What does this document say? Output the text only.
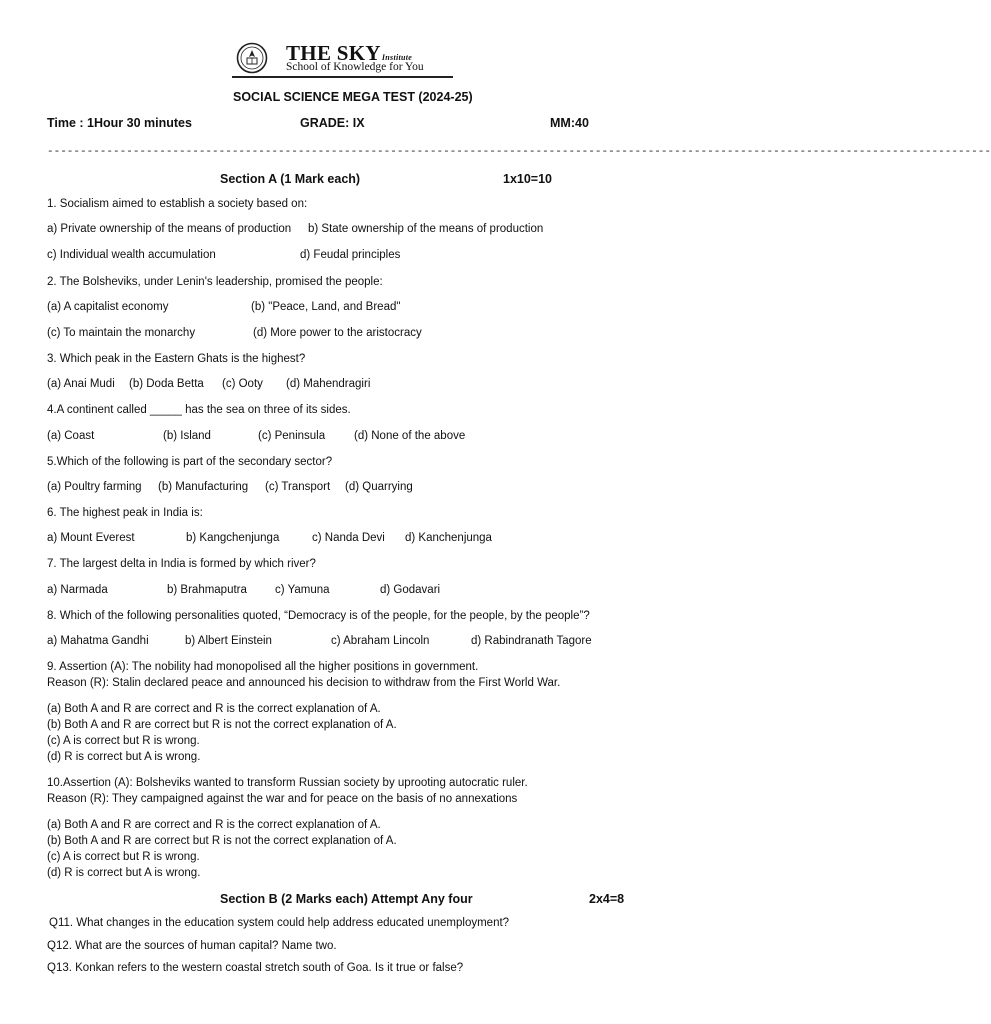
THE SKYInstitute
School of Knowledge for You
SOCIAL SCIENCE MEGA TEST (2024-25)
Time : 1Hour 30 minutes	GRADE: IX	MM:40
-----------------------------------------------------------------------------------------------------------------------------------------------
Section A (1 Mark each)	1x10=10
1. Socialism aimed to establish a society based on:
a) Private ownership of the means of production b) State ownership of the means of production
c) Individual wealth accumulation	d) Feudal principles
2. The Bolsheviks, under Lenin's leadership, promised the people:
(a) A capitalist economy	(b) "Peace, Land, and Bread"
(c) To maintain the monarchy	(d) More power to the aristocracy
3. Which peak in the Eastern Ghats is the highest?
(a) Anai Mudi (b) Doda Betta (c) Ooty (d) Mahendragiri
4.A continent called _____ has the sea on three of its sides.
(a) Coast	(b) Island	(c) Peninsula	(d) None of the above
5.Which of the following is part of the secondary sector?
(a) Poultry farming (b) Manufacturing (c) Transport (d) Quarrying
6. The highest peak in India is:
a) Mount Everest	b) Kangchenjunga	c) Nanda Devi d) Kanchenjunga
7. The largest delta in India is formed by which river?
a) Narmada	b) Brahmaputra c) Yamuna	d) Godavari
8. Which of the following personalities quoted, “Democracy is of the people, for the people, by the people”?
a) Mahatma Gandhi	b) Albert Einstein	c) Abraham Lincoln	d) Rabindranath Tagore
9. Assertion (A): The nobility had monopolised all the higher positions in government.
Reason (R): Stalin declared peace and announced his decision to withdraw from the First World War.
(a) Both A and R are correct and R is the correct explanation of A.
(b) Both A and R are correct but R is not the correct explanation of A.
(c) A is correct but R is wrong.
(d) R is correct but A is wrong.
10.Assertion (A): Bolsheviks wanted to transform Russian society by uprooting autocratic ruler.
Reason (R): They campaigned against the war and for peace on the basis of no annexations
(a) Both A and R are correct and R is the correct explanation of A.
(b) Both A and R are correct but R is not the correct explanation of A.
(c) A is correct but R is wrong.
(d) R is correct but A is wrong.
Section B (2 Marks each) Attempt Any four	2x4=8
Q11. What changes in the education system could help address educated unemployment?
Q12. What are the sources of human capital? Name two.
Q13. Konkan refers to the western coastal stretch south of Goa. Is it true or false?
